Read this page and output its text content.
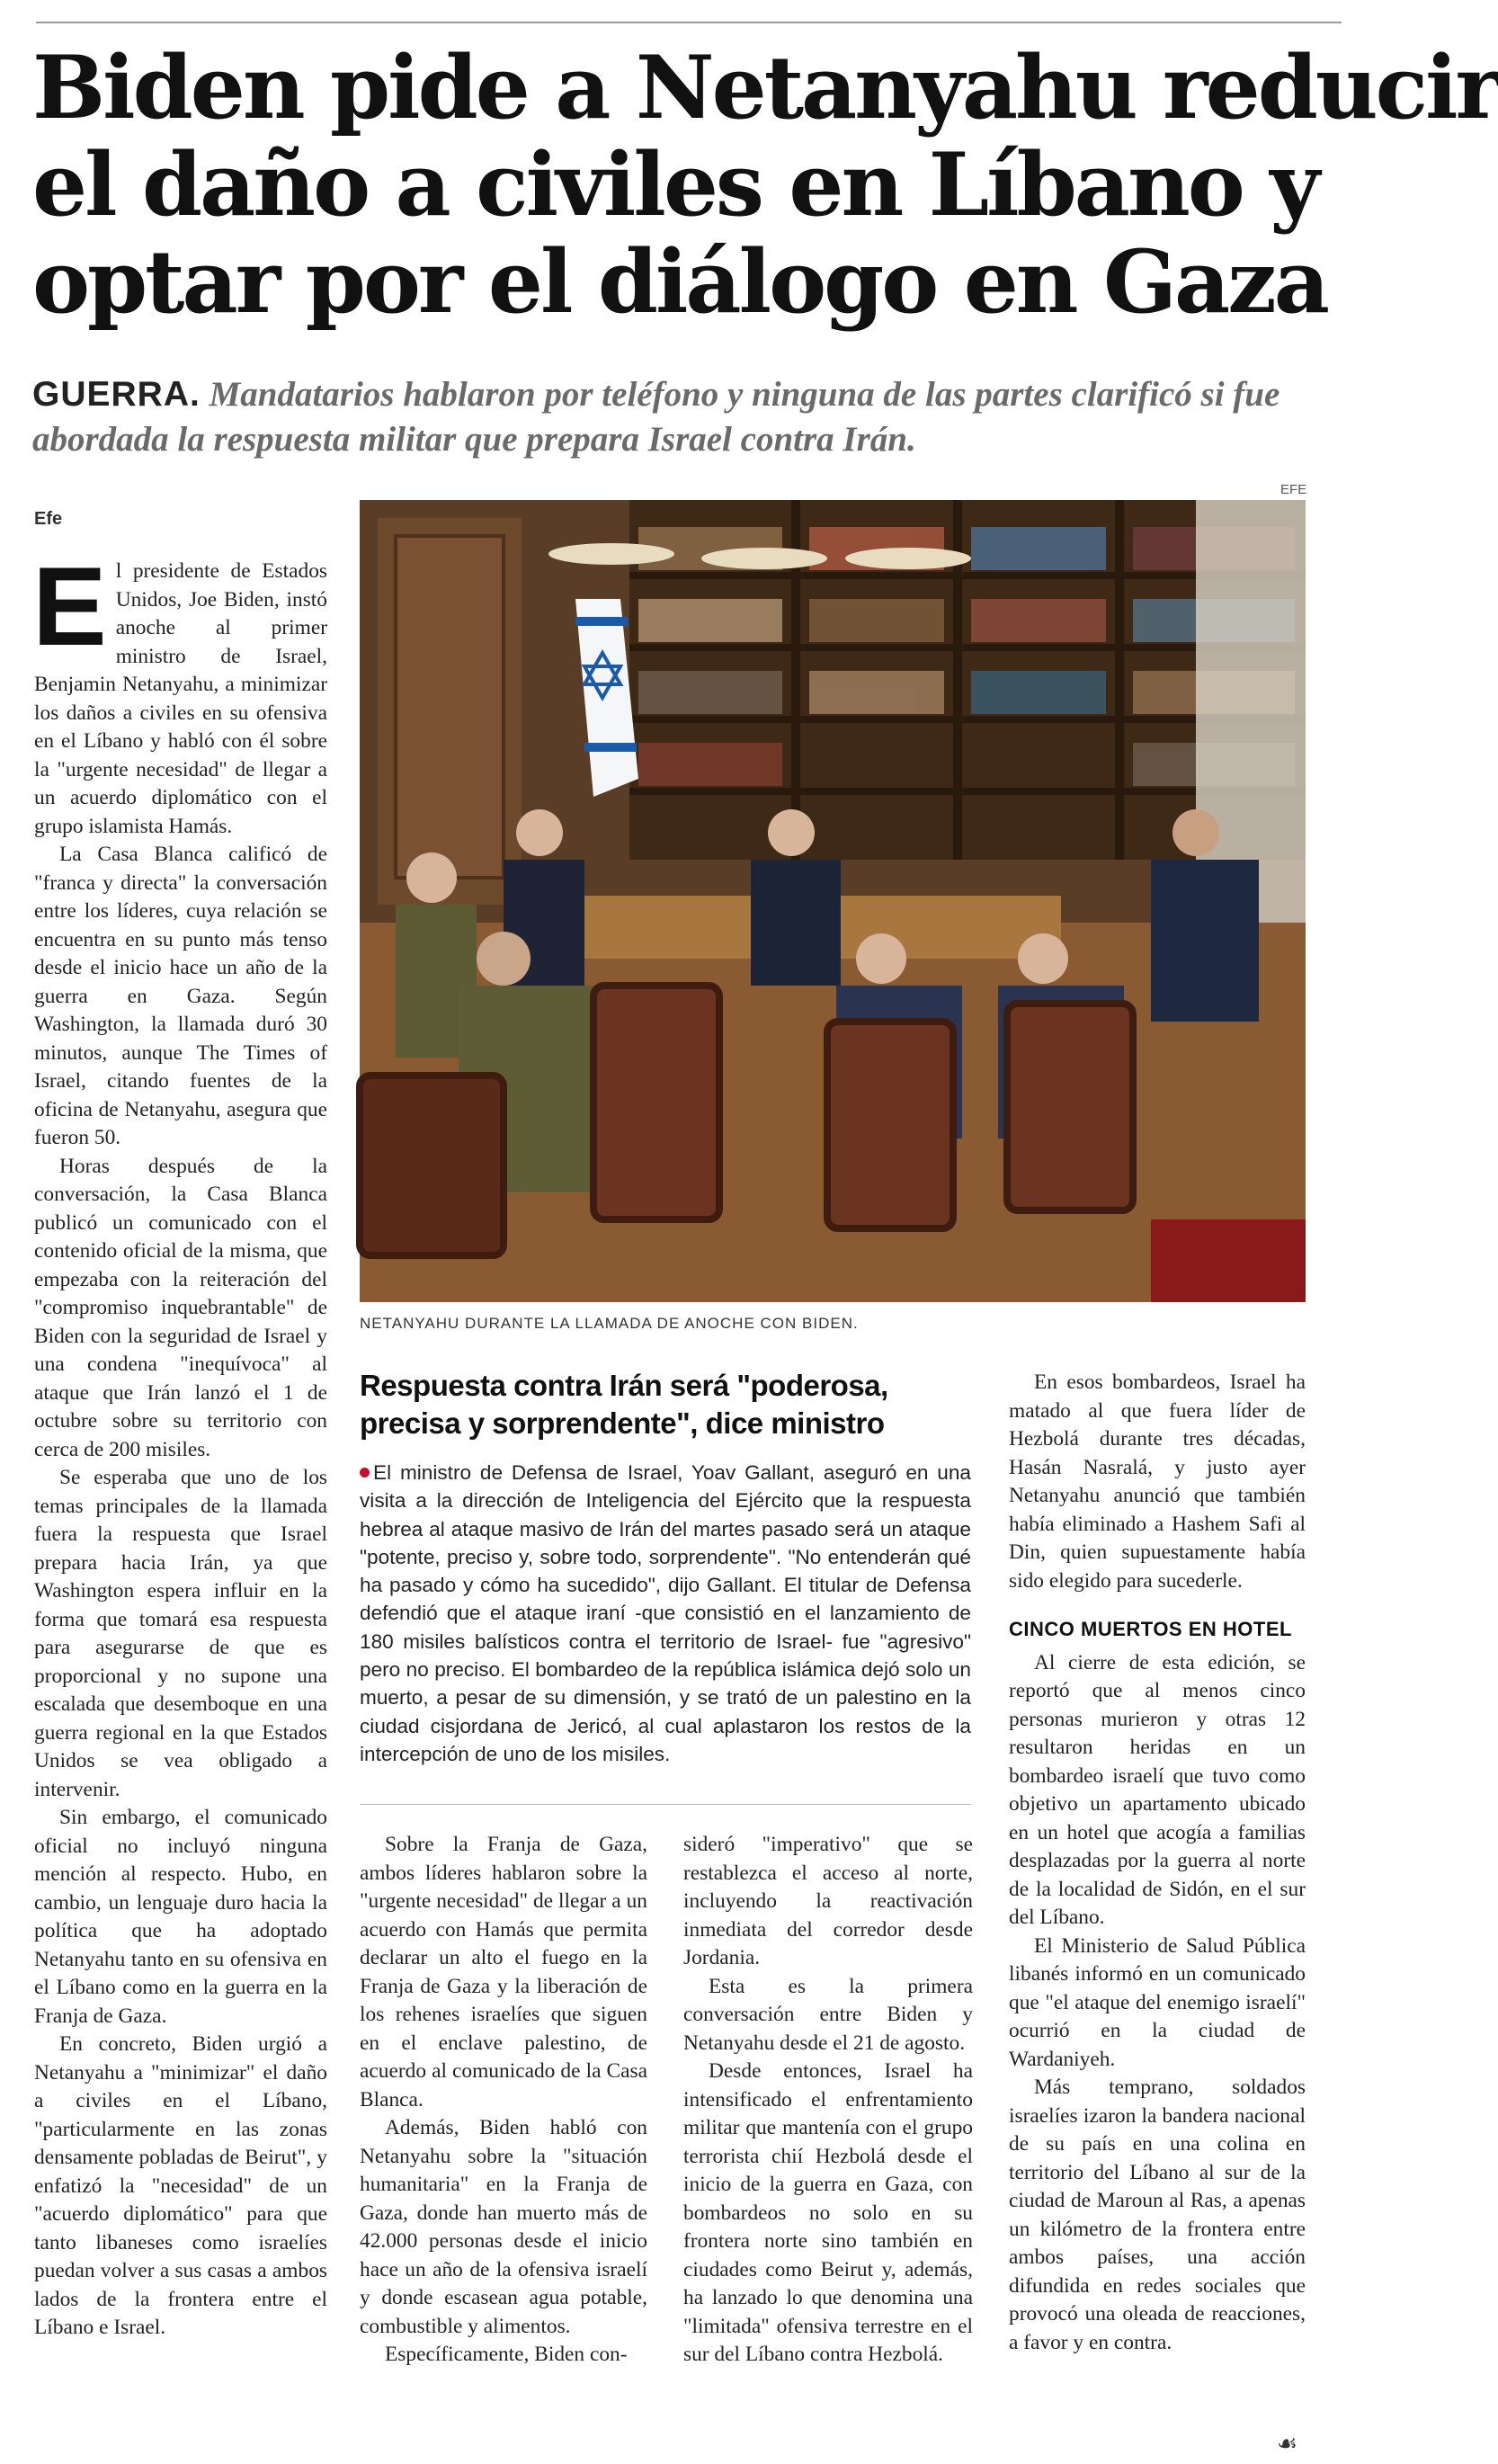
Biden pide a Netanyahu reducir
el daño a civiles en Líbano y
optar por el diálogo en Gaza
GUERRA. Mandatarios hablaron por teléfono y ninguna de las partes clarificó si fue
abordada la respuesta militar que prepara Israel contra Irán.
Efe
EFE

El presidente de Estados Unidos, Joe Biden, instó anoche al primer ministro de Israel, Benjamin Netanyahu, a minimizar los daños a civiles en su ofensiva en el Líbano y habló con él sobre la "urgente necesidad" de llegar a un acuerdo diplomático con el grupo islamista Hamás.

La Casa Blanca calificó de "franca y directa" la conversación entre los líderes, cuya relación se encuentra en su punto más tenso desde el inicio hace un año de la guerra en Gaza. Según Washington, la llamada duró 30 minutos, aunque The Times of Israel, citando fuentes de la oficina de Netanyahu, asegura que fueron 50.

Horas después de la conversación, la Casa Blanca publicó un comunicado con el contenido oficial de la misma, que empezaba con la reiteración del "compromiso inquebrantable" de Biden con la seguridad de Israel y una condena "inequívoca" al ataque que Irán lanzó el 1 de octubre sobre su territorio con cerca de 200 misiles.

Se esperaba que uno de los temas principales de la llamada fuera la respuesta que Israel prepara hacia Irán, ya que Washington espera influir en la forma que tomará esa respuesta para asegurarse de que es proporcional y no supone una escalada que desemboque en una guerra regional en la que Estados Unidos se vea obligado a intervenir.

Sin embargo, el comunicado oficial no incluyó ninguna mención al respecto. Hubo, en cambio, un lenguaje duro hacia la política que ha adoptado Netanyahu tanto en su ofensiva en el Líbano como en la guerra en la Franja de Gaza.

En concreto, Biden urgió a Netanyahu a "minimizar" el daño a civiles en el Líbano, "particularmente en las zonas densamente pobladas de Beirut", y enfatizó la "necesidad" de un "acuerdo diplomático" para que tanto libaneses como israelíes puedan volver a sus casas a ambos lados de la frontera entre el Líbano e Israel.

NETANYAHU DURANTE LA LLAMADA DE ANOCHE CON BIDEN.
Respuesta contra Irán será "poderosa,
precisa y sorprendente", dice ministro
El ministro de Defensa de Israel, Yoav Gallant, aseguró en una visita a la dirección de Inteligencia del Ejército que la respuesta hebrea al ataque masivo de Irán del martes pasado será un ataque "potente, preciso y, sobre todo, sorprendente". "No entenderán qué ha pasado y cómo ha sucedido", dijo Gallant. El titular de Defensa defendió que el ataque iraní -que consistió en el lanzamiento de 180 misiles balísticos contra el territorio de Israel- fue "agresivo" pero no preciso. El bombardeo de la república islámica dejó solo un muerto, a pesar de su dimensión, y se trató de un palestino en la ciudad cisjordana de Jericó, al cual aplastaron los restos de la intercepción de uno de los misiles.

Sobre la Franja de Gaza, ambos líderes hablaron sobre la "urgente necesidad" de llegar a un acuerdo con Hamás que permita declarar un alto el fuego en la Franja de Gaza y la liberación de los rehenes israelíes que siguen en el enclave palestino, de acuerdo al comunicado de la Casa Blanca.

Además, Biden habló con Netanyahu sobre la "situación humanitaria" en la Franja de Gaza, donde han muerto más de 42.000 personas desde el inicio hace un año de la ofensiva israelí y donde escasean agua potable, combustible y alimentos.

Específicamente, Biden con-

sideró "imperativo" que se restablezca el acceso al norte, incluyendo la reactivación inmediata del corredor desde Jordania.

Esta es la primera conversación entre Biden y Netanyahu desde el 21 de agosto.

Desde entonces, Israel ha intensificado el enfrentamiento militar que mantenía con el grupo terrorista chií Hezbolá desde el inicio de la guerra en Gaza, con bombardeos no solo en su frontera norte sino también en ciudades como Beirut y, además, ha lanzado lo que denomina una "limitada" ofensiva terrestre en el sur del Líbano contra Hezbolá.

En esos bombardeos, Israel ha matado al que fuera líder de Hezbolá durante tres décadas, Hasán Nasralá, y justo ayer Netanyahu anunció que también había eliminado a Hashem Safi al Din, quien supuestamente había sido elegido para sucederle.

CINCO MUERTOS EN HOTEL

Al cierre de esta edición, se reportó que al menos cinco personas murieron y otras 12 resultaron heridas en un bombardeo israelí que tuvo como objetivo un apartamento ubicado en un hotel que acogía a familias desplazadas por la guerra al norte de la localidad de Sidón, en el sur del Líbano.

El Ministerio de Salud Pública libanés informó en un comunicado que "el ataque del enemigo israelí" ocurrió en la ciudad de Wardaniyeh.

Más temprano, soldados israelíes izaron la bandera nacional de su país en una colina en territorio del Líbano al sur de la ciudad de Maroun al Ras, a apenas un kilómetro de la frontera entre ambos países, una acción difundida en redes sociales que provocó una oleada de reacciones, a favor y en contra.

☙
